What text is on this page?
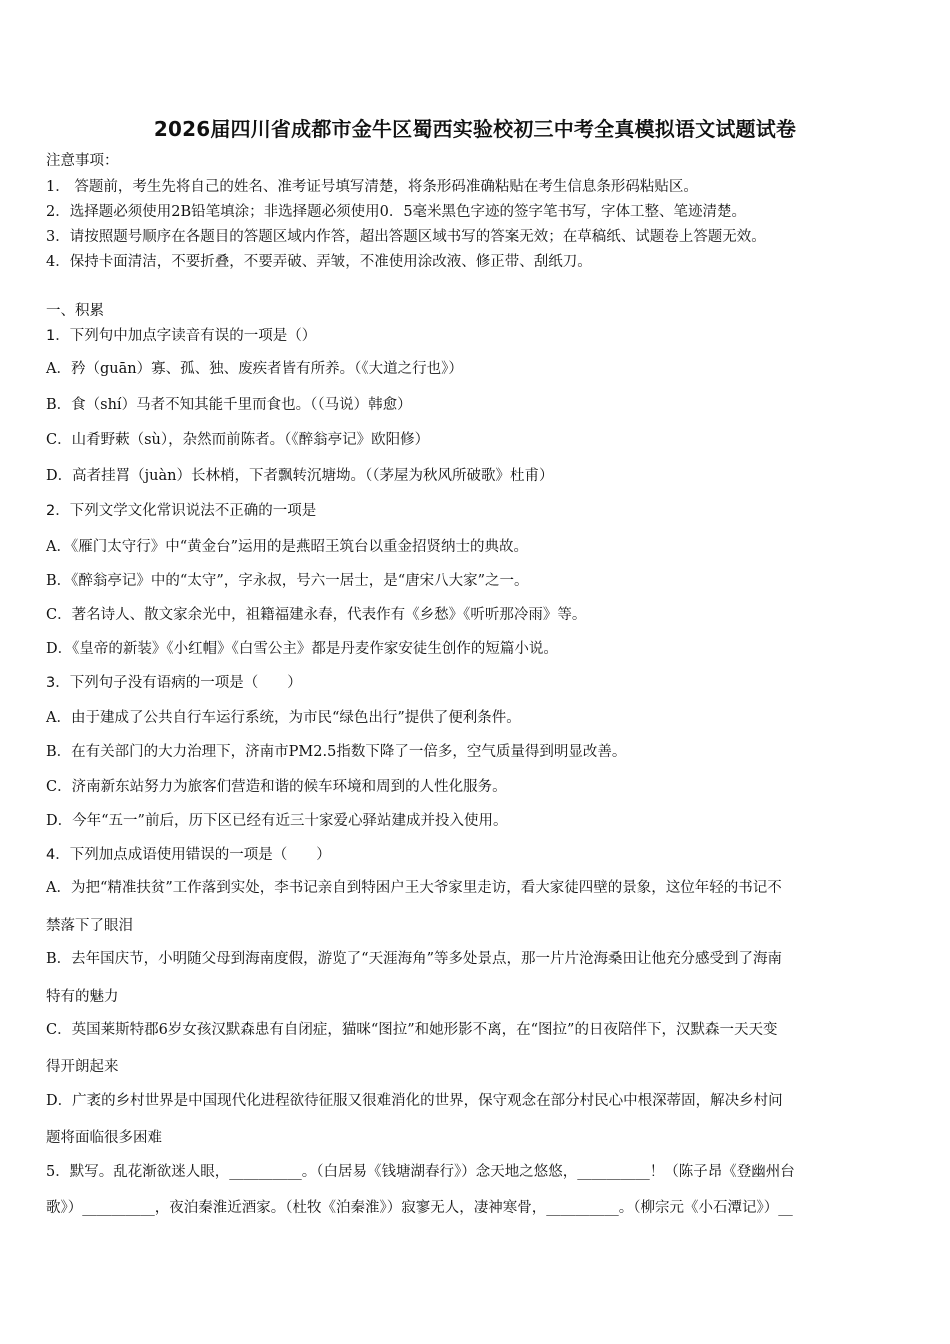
2026届四川省成都市金牛区蜀西实验校初三中考全真模拟语文试题试卷
注意事项：
1． 答题前，考生先将自己的姓名、准考证号填写清楚，将条形码准确粘贴在考生信息条形码粘贴区。
2．选择题必须使用2B铅笔填涂；非选择题必须使用0．5毫米黑色字迹的签字笔书写，字体工整、笔迹清楚。
3．请按照题号顺序在各题目的答题区域内作答，超出答题区域书写的答案无效；在草稿纸、试题卷上答题无效。
4．保持卡面清洁，不要折叠，不要弄破、弄皱，不准使用涂改液、修正带、刮纸刀。
一、积累
1．下列句中加点字读音有误的一项是（）
A．矜（guān）寡、孤、独、废疾者皆有所养。（《大道之行也》）
B．食（shí）马者不知其能千里而食也。（（马说）韩愈）
C．山肴野蔌（sù），杂然而前陈者。（《醉翁亭记》欧阳修）
D．高者挂罥（juàn）长林梢，下者飘转沉塘坳。（（茅屋为秋风所破歌》杜甫）
2．下列文学文化常识说法不正确的一项是
A．《雁门太守行》中“黄金台”运用的是燕昭王筑台以重金招贤纳士的典故。
B．《醉翁亭记》中的“太守”，字永叔，号六一居士，是“唐宋八大家”之一。
C．著名诗人、散文家余光中，祖籍福建永春，代表作有《乡愁》《听听那冷雨》等。
D．《皇帝的新装》《小红帽》《白雪公主》都是丹麦作家安徒生创作的短篇小说。
3．下列句子没有语病的一项是（　　）
A．由于建成了公共自行车运行系统，为市民“绿色出行”提供了便利条件。
B．在有关部门的大力治理下，济南市PM2.5指数下降了一倍多，空气质量得到明显改善。
C．济南新东站努力为旅客们营造和谐的候车环境和周到的人性化服务。
D．今年“五一”前后，历下区已经有近三十家爱心驿站建成并投入使用。
4．下列加点成语使用错误的一项是（　　）
A．为把“精准扶贫”工作落到实处，李书记亲自到特困户王大爷家里走访，看大家徒四壁的景象，这位年轻的书记不
禁落下了眼泪
B．去年国庆节，小明随父母到海南度假，游览了“天涯海角”等多处景点，那一片片沧海桑田让他充分感受到了海南
特有的魅力
C．英国莱斯特郡6岁女孩汉默森患有自闭症，猫咪“图拉”和她形影不离，在“图拉”的日夜陪伴下，汉默森一天天变
得开朗起来
D．广袤的乡村世界是中国现代化进程欲待征服又很难消化的世界，保守观念在部分村民心中根深蒂固，解决乡村问
题将面临很多困难
5．默写。乱花渐欲迷人眼，__________。（白居易《钱塘湖春行》）念天地之悠悠，__________！（陈子昂《登幽州台
歌》）__________，夜泊秦淮近酒家。（杜牧《泊秦淮》）寂寥无人，凄神寒骨，__________。（柳宗元《小石潭记》）__
